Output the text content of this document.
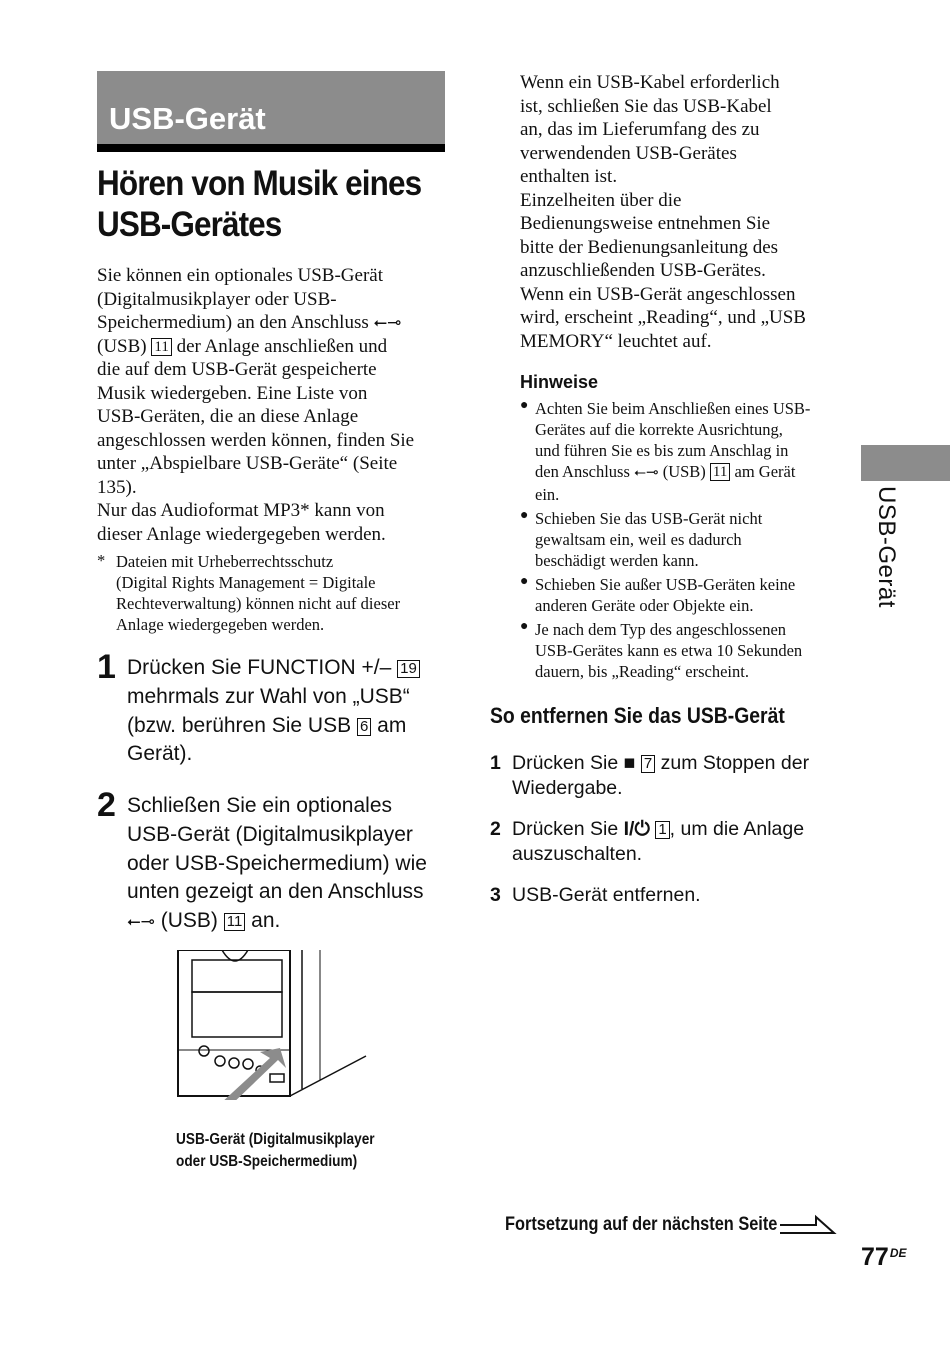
USB-Gerät
Hören von Musik eines
USB-Gerätes
Sie können ein optionales USB-Gerät
(Digitalmusikplayer oder USB-
Speichermedium) an den Anschluss ⭠⊸
(USB) 11 der Anlage anschließen und
die auf dem USB-Gerät gespeicherte
Musik wiedergeben. Eine Liste von
USB-Geräten, die an diese Anlage
angeschlossen werden können, finden Sie
unter „Abspielbare USB-Geräte“ (Seite
135).
Nur das Audioformat MP3* kann von
dieser Anlage wiedergegeben werden.
* Dateien mit Urheberrechtsschutz
(Digital Rights Management = Digitale
Rechteverwaltung) können nicht auf dieser
Anlage wiedergegeben werden.
1 Drücken Sie FUNCTION +/– 19
mehrmals zur Wahl von „USB“
(bzw. berühren Sie USB 6 am
Gerät).
2 Schließen Sie ein optionales
USB-Gerät (Digitalmusikplayer
oder USB-Speichermedium) wie
unten gezeigt an den Anschluss
⭠⊸ (USB) 11 an.
USB-Gerät (Digitalmusikplayer
oder USB-Speichermedium)
Wenn ein USB-Kabel erforderlich
ist, schließen Sie das USB-Kabel
an, das im Lieferumfang des zu
verwendenden USB-Gerätes
enthalten ist.
Einzelheiten über die
Bedienungsweise entnehmen Sie
bitte der Bedienungsanleitung des
anzuschließenden USB-Gerätes.
Wenn ein USB-Gerät angeschlossen
wird, erscheint „Reading“, und „USB
MEMORY“ leuchtet auf.
Hinweise
● Achten Sie beim Anschließen eines USB-
Gerätes auf die korrekte Ausrichtung,
und führen Sie es bis zum Anschlag in
den Anschluss ⭠⊸ (USB) 11 am Gerät
ein.
● Schieben Sie das USB-Gerät nicht
gewaltsam ein, weil es dadurch
beschädigt werden kann.
● Schieben Sie außer USB-Geräten keine
anderen Geräte oder Objekte ein.
● Je nach dem Typ des angeschlossenen
USB-Gerätes kann es etwa 10 Sekunden
dauern, bis „Reading“ erscheint.
So entfernen Sie das USB-Gerät
1 Drücken Sie ■ 7 zum Stoppen der
Wiedergabe.
2 Drücken Sie I/⏻ 1 , um die Anlage
auszuschalten.
3 USB-Gerät entfernen.
USB-Gerät
Fortsetzung auf der nächsten Seite
77DE
